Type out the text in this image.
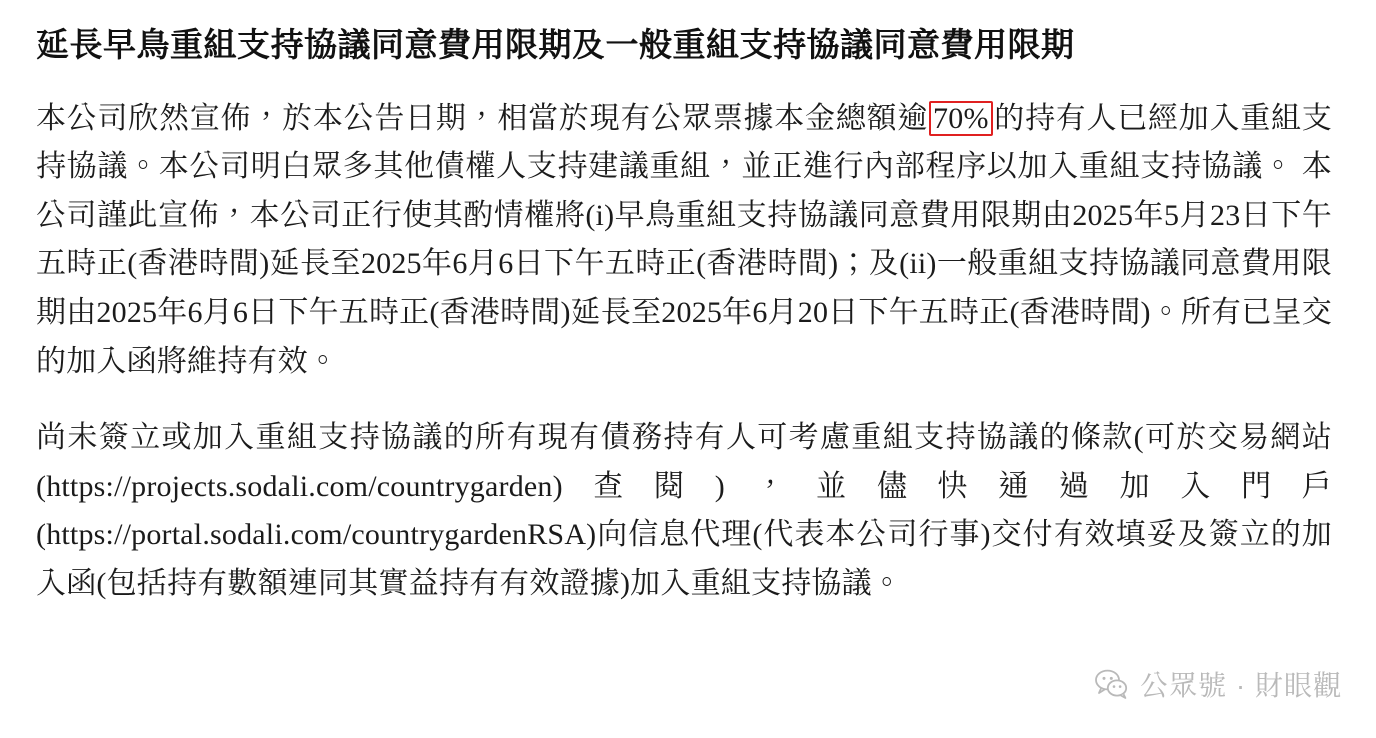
延長早鳥重組支持協議同意費用限期及一般重組支持協議同意費用限期

本公司欣然宣佈，於本公告日期，相當於現有公眾票據本金總額逾 70% 的持有人已經加入重組支持協議。本公司明白眾多其他債權人支持建議重組，並正進行內部程序以加入重組支持協議。 本公司謹此宣佈，本公司正行使其酌情權將(i)早鳥重組支持協議同意費用限期由2025年5月23日下午五時正(香港時間)延長至2025年6月6日下午五時正(香港時間)；及(ii)一般重組支持協議同意費用限期由2025年6月6日下午五時正(香港時間)延長至2025年6月20日下午五時正(香港時間)。所有已呈交的加入函將維持有效。

尚未簽立或加入重組支持協議的所有現有債務持有人可考慮重組支持協議的條款(可於交易網站(https://projects.sodali.com/countrygarden)查閱)，並儘快通過加入門戶(https://portal.sodali.com/countrygardenRSA)向信息代理(代表本公司行事)交付有效填妥及簽立的加入函(包括持有數額連同其實益持有有效證據)加入重組支持協議。

公眾號 · 財眼觀
